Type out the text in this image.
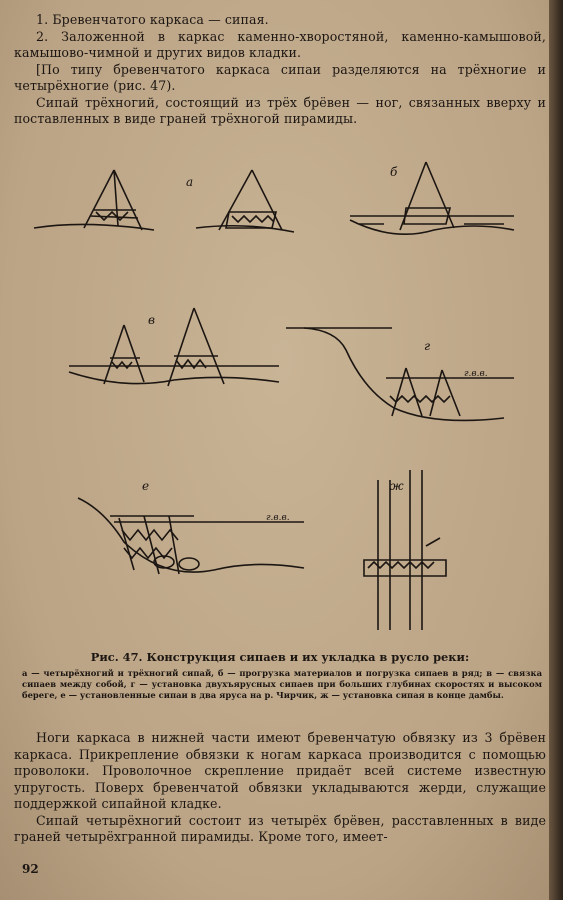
1. Бревенчатого каркаса — сипая.

2. Заложенной в каркас каменно-хворостяной, каменно-камышовой, камышово-чимной и других видов кладки.

[По типу бревенчатого каркаса сипаи разделяются на трёхногие и четырёхногие (рис. 47).

Сипай трёхногий, состоящий из трёх брёвен — ног, связанных вверху и поставленных в виде граней трёхногой пирамиды.

a
б
в
г
г.в.в.
е
г.в.в.
ж
Рис. 47. Конструкция сипаев и их укладка в русло реки:
а — четырёхногий и трёхногий сипай, б — прогрузка материалов и погрузка сипаев в ряд; в — связка сипаев между собой, г — установка двухъярусных сипаев при больших глубинах скоростях и высоком береге, е — установленные сипаи в два яруса на р. Чирчик, ж — установка сипая в конце дамбы.

Ноги каркаса в нижней части имеют бревенчатую обвязку из 3 брёвен каркаса. Прикрепление обвязки к ногам каркаса производится с помощью проволоки. Проволочное скрепление придаёт всей системе известную упругость. Поверх бревенчатой обвязки укладываются жерди, служащие поддержкой сипайной кладке.

Сипай четырёхногий состоит из четырёх брёвен, расставленных в виде граней четырёхгранной пирамиды. Кроме того, имеет-

92
